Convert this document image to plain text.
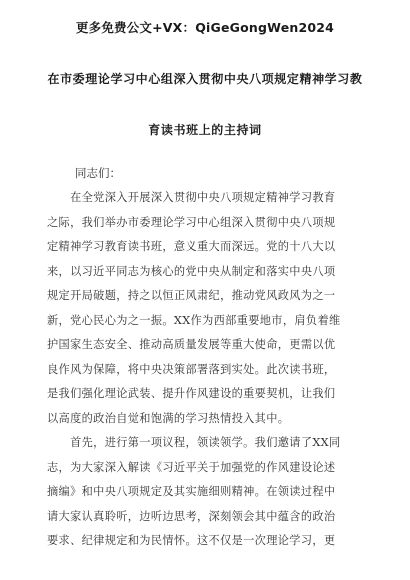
更多免费公文+VX：QiGeGongWen2024
在市委理论学习中心组深入贯彻中央八项规定精神学习教
育读书班上的主持词
同志们：
　　在全党深入开展深入贯彻中央八项规定精神学习教育
之际，我们举办市委理论学习中心组深入贯彻中央八项规
定精神学习教育读书班，意义重大而深远。党的十八大以
来，以习近平同志为核心的党中央从制定和落实中央八项
规定开局破题，持之以恒正风肃纪，推动党风政风为之一
新，党心民心为之一振。XX作为西部重要地市，肩负着维
护国家生态安全、推动高质量发展等重大使命，更需以优
良作风为保障，将中央决策部署落到实处。此次读书班，
是我们强化理论武装、提升作风建设的重要契机，让我们
以高度的政治自觉和饱满的学习热情投入其中。
　　首先，进行第一项议程，领读领学。我们邀请了XX同
志，为大家深入解读《习近平关于加强党的作风建设论述
摘编》和中央八项规定及其实施细则精神。在领读过程中
请大家认真聆听，边听边思考，深刻领会其中蕴含的政治
要求、纪律规定和为民情怀。这不仅是一次理论学习，更
